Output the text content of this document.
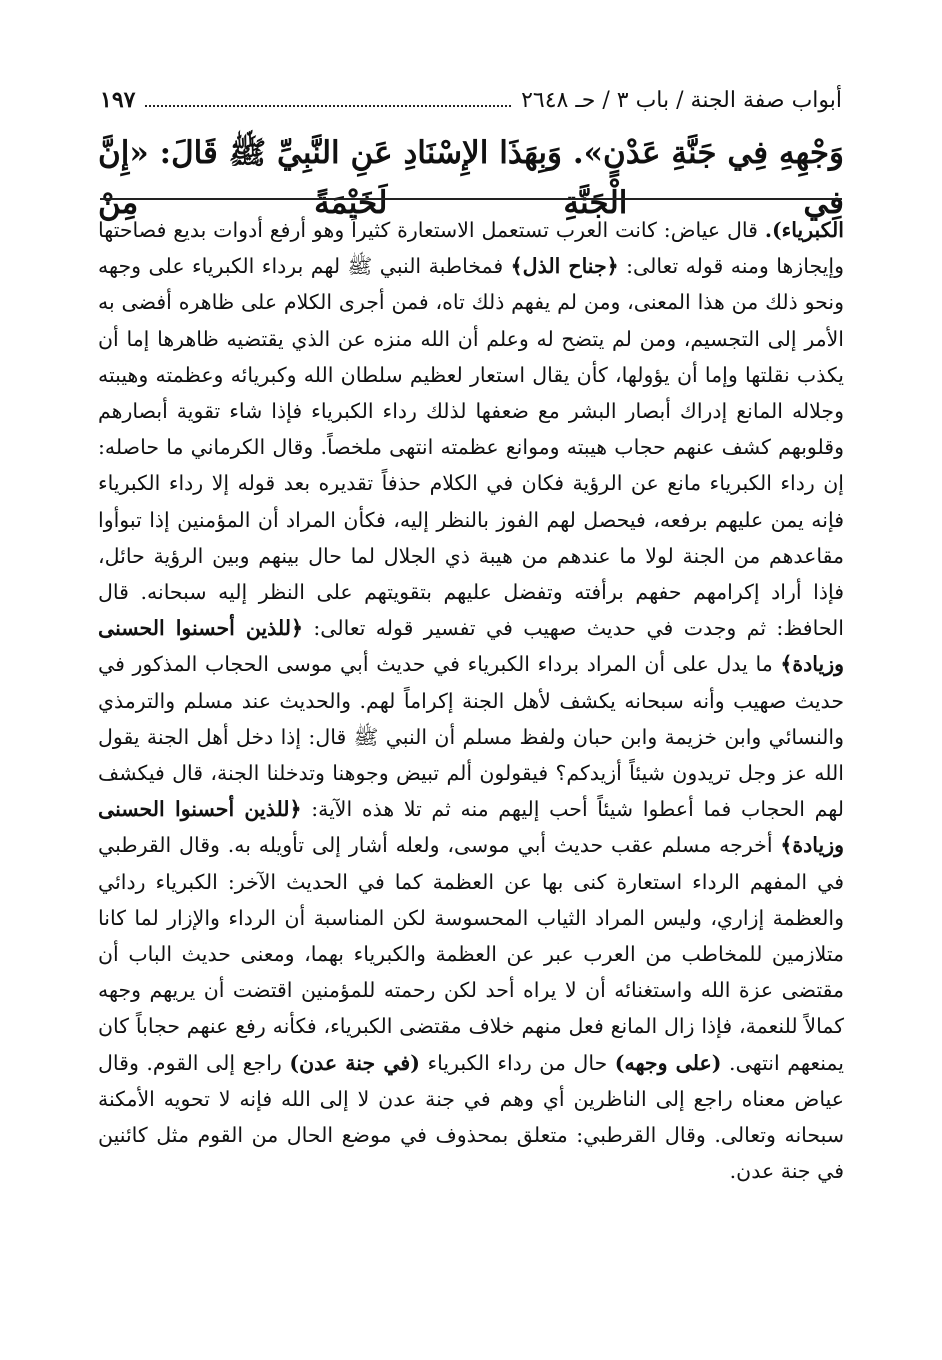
أبواب صفة الجنة / باب ٣ / حـ ٢٦٤٨
١٩٧
وَجْهِهِ فِي جَنَّةِ عَدْنٍ». وَبِهَذَا الإِسْنَادِ عَنِ النَّبِيِّ ﷺ قَالَ: «إِنَّ فِي الْجَنَّةِ لَخَيْمَةً مِنْ
الكبرياء). قال عياض: كانت العرب تستعمل الاستعارة كثيراً وهو أرفع أدوات بديع فصاحتها وإيجازها ومنه قوله تعالى: ﴿جناح الذل﴾ فمخاطبة النبي ﷺ لهم برداء الكبرياء على وجهه ونحو ذلك من هذا المعنى، ومن لم يفهم ذلك تاه، فمن أجرى الكلام على ظاهره أفضى به الأمر إلى التجسيم، ومن لم يتضح له وعلم أن الله منزه عن الذي يقتضيه ظاهرها إما أن يكذب نقلتها وإما أن يؤولها، كأن يقال استعار لعظيم سلطان الله وكبريائه وعظمته وهيبته وجلاله المانع إدراك أبصار البشر مع ضعفها لذلك رداء الكبرياء فإذا شاء تقوية أبصارهم وقلوبهم كشف عنهم حجاب هيبته وموانع عظمته انتهى ملخصاً. وقال الكرماني ما حاصله: إن رداء الكبرياء مانع عن الرؤية فكان في الكلام حذفاً تقديره بعد قوله إلا رداء الكبرياء فإنه يمن عليهم برفعه، فيحصل لهم الفوز بالنظر إليه، فكأن المراد أن المؤمنين إذا تبوأوا مقاعدهم من الجنة لولا ما عندهم من هيبة ذي الجلال لما حال بينهم وبين الرؤية حائل، فإذا أراد إكرامهم حفهم برأفته وتفضل عليهم بتقويتهم على النظر إليه سبحانه. قال الحافظ: ثم وجدت في حديث صهيب في تفسير قوله تعالى: ﴿للذين أحسنوا الحسنى وزيادة﴾ ما يدل على أن المراد برداء الكبرياء في حديث أبي موسى الحجاب المذكور في حديث صهيب وأنه سبحانه يكشف لأهل الجنة إكراماً لهم. والحديث عند مسلم والترمذي والنسائي وابن خزيمة وابن حبان ولفظ مسلم أن النبي ﷺ قال: إذا دخل أهل الجنة يقول الله عز وجل تريدون شيئاً أزيدكم؟ فيقولون ألم تبيض وجوهنا وتدخلنا الجنة، قال فيكشف لهم الحجاب فما أعطوا شيئاً أحب إليهم منه ثم تلا هذه الآية: ﴿للذين أحسنوا الحسنى وزيادة﴾ أخرجه مسلم عقب حديث أبي موسى، ولعله أشار إلى تأويله به. وقال القرطبي في المفهم الرداء استعارة كنى بها عن العظمة كما في الحديث الآخر: الكبرياء ردائي والعظمة إزاري، وليس المراد الثياب المحسوسة لكن المناسبة أن الرداء والإزار لما كانا متلازمين للمخاطب من العرب عبر عن العظمة والكبرياء بهما، ومعنى حديث الباب أن مقتضى عزة الله واستغنائه أن لا يراه أحد لكن رحمته للمؤمنين اقتضت أن يريهم وجهه كمالاً للنعمة، فإذا زال المانع فعل منهم خلاف مقتضى الكبرياء، فكأنه رفع عنهم حجاباً كان يمنعهم انتهى. (على وجهه) حال من رداء الكبرياء (في جنة عدن) راجع إلى القوم. وقال عياض معناه راجع إلى الناظرين أي وهم في جنة عدن لا إلى الله فإنه لا تحويه الأمكنة سبحانه وتعالى. وقال القرطبي: متعلق بمحذوف في موضع الحال من القوم مثل كائنين في جنة عدن.
